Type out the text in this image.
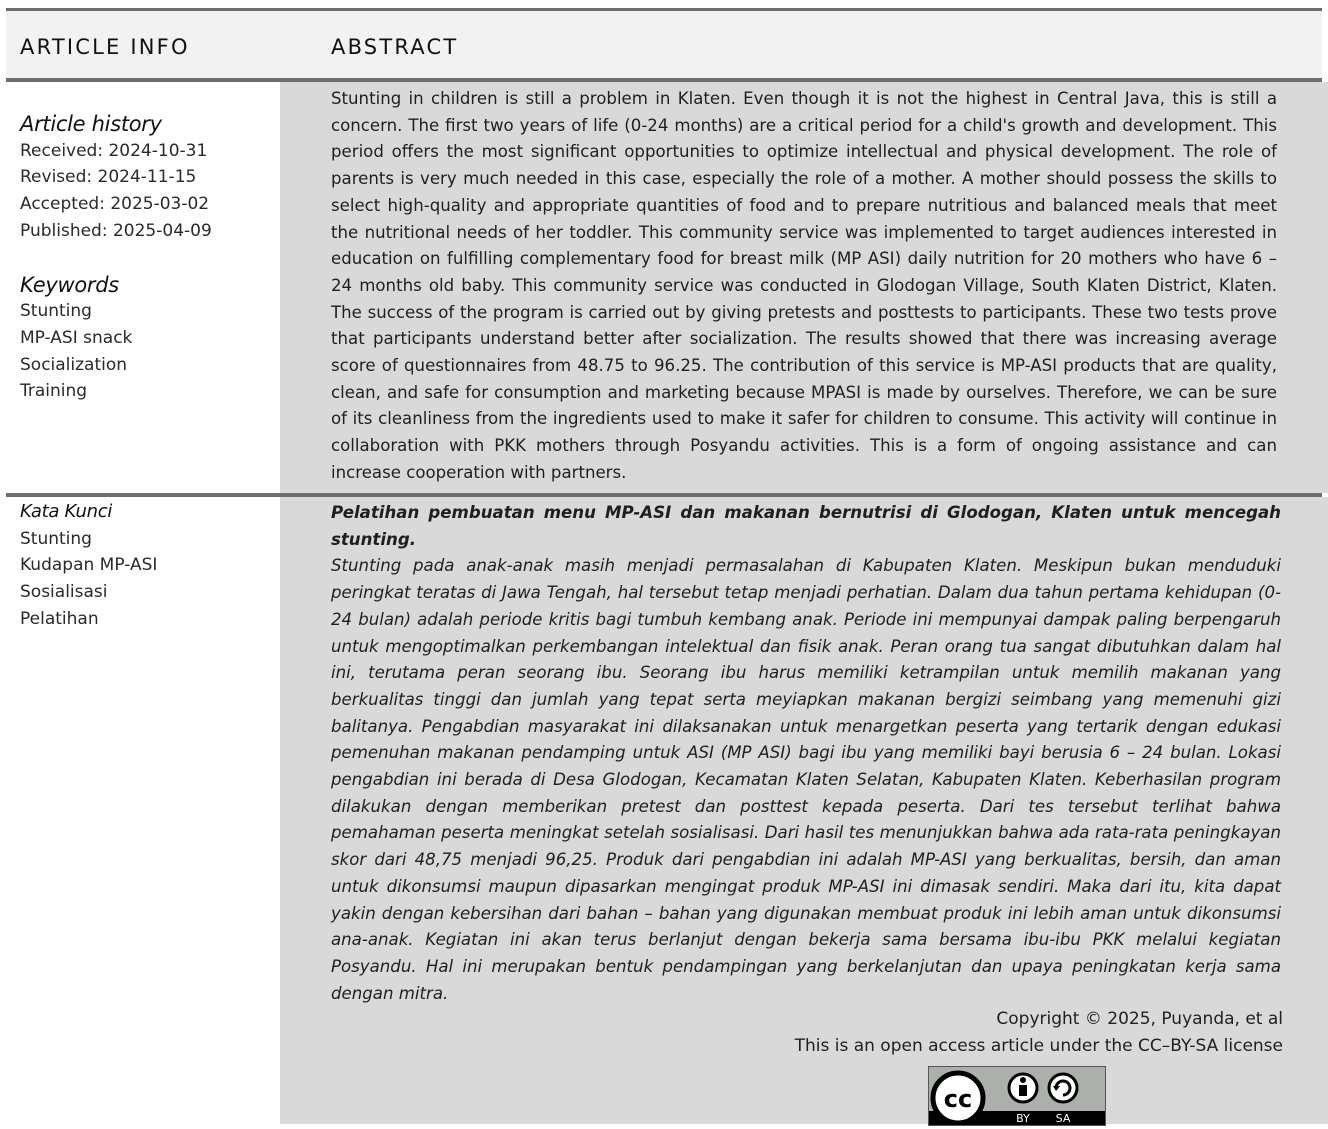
ARTICLE INFO	ABSTRACT
Article history
Received: 2024-10-31
Revised: 2024-11-15
Accepted: 2025-03-02
Published: 2025-04-09
Keywords
Stunting
MP-ASI snack
Socialization
Training
Kata Kunci
Stunting
Kudapan MP-ASI
Sosialisasi
Pelatihan
Stunting in children is still a problem in Klaten. Even though it is not the highest in Central Java, this is still a concern. The first two years of life (0-24 months) are a critical period for a child's growth and development. This period offers the most significant opportunities to optimize intellectual and physical development. The role of parents is very much needed in this case, especially the role of a mother. A mother should possess the skills to select high-quality and appropriate quantities of food and to prepare nutritious and balanced meals that meet the nutritional needs of her toddler. This community service was implemented to target audiences interested in education on fulfilling complementary food for breast milk (MP ASI) daily nutrition for 20 mothers who have 6 – 24 months old baby. This community service was conducted in Glodogan Village, South Klaten District, Klaten. The success of the program is carried out by giving pretests and posttests to participants. These two tests prove that participants understand better after socialization. The results showed that there was increasing average score of questionnaires from 48.75 to 96.25. The contribution of this service is MP-ASI products that are quality, clean, and safe for consumption and marketing because MPASI is made by ourselves. Therefore, we can be sure of its cleanliness from the ingredients used to make it safer for children to consume. This activity will continue in collaboration with PKK mothers through Posyandu activities. This is a form of ongoing assistance and can increase cooperation with partners.
Pelatihan pembuatan menu MP-ASI dan makanan bernutrisi di Glodogan, Klaten untuk mencegah stunting.
Stunting pada anak-anak masih menjadi permasalahan di Kabupaten Klaten. Meskipun bukan menduduki peringkat teratas di Jawa Tengah, hal tersebut tetap menjadi perhatian. Dalam dua tahun pertama kehidupan (0-24 bulan) adalah periode kritis bagi tumbuh kembang anak. Periode ini mempunyai dampak paling berpengaruh untuk mengoptimalkan perkembangan intelektual dan fisik anak. Peran orang tua sangat dibutuhkan dalam hal ini, terutama peran seorang ibu. Seorang ibu harus memiliki ketrampilan untuk memilih makanan yang berkualitas tinggi dan jumlah yang tepat serta meyiapkan makanan bergizi seimbang yang memenuhi gizi balitanya. Pengabdian masyarakat ini dilaksanakan untuk menargetkan peserta yang tertarik dengan edukasi pemenuhan makanan pendamping untuk ASI (MP ASI) bagi ibu yang memiliki bayi berusia 6 – 24 bulan. Lokasi pengabdian ini berada di Desa Glodogan, Kecamatan Klaten Selatan, Kabupaten Klaten. Keberhasilan program dilakukan dengan memberikan pretest dan posttest kepada peserta. Dari tes tersebut terlihat bahwa pemahaman peserta meningkat setelah sosialisasi. Dari hasil tes menunjukkan bahwa ada rata-rata peningkayan skor dari 48,75 menjadi 96,25. Produk dari pengabdian ini adalah MP-ASI yang berkualitas, bersih, dan aman untuk dikonsumsi maupun dipasarkan mengingat produk MP-ASI ini dimasak sendiri. Maka dari itu, kita dapat yakin dengan kebersihan dari bahan – bahan yang digunakan membuat produk ini lebih aman untuk dikonsumsi ana-anak. Kegiatan ini akan terus berlanjut dengan bekerja sama bersama ibu-ibu PKK melalui kegiatan Posyandu. Hal ini merupakan bentuk pendampingan yang berkelanjutan dan upaya peningkatan kerja sama dengan mitra.
Copyright © 2025, Puyanda, et al
This is an open access article under the CC–BY-SA license
cc
BY SA
